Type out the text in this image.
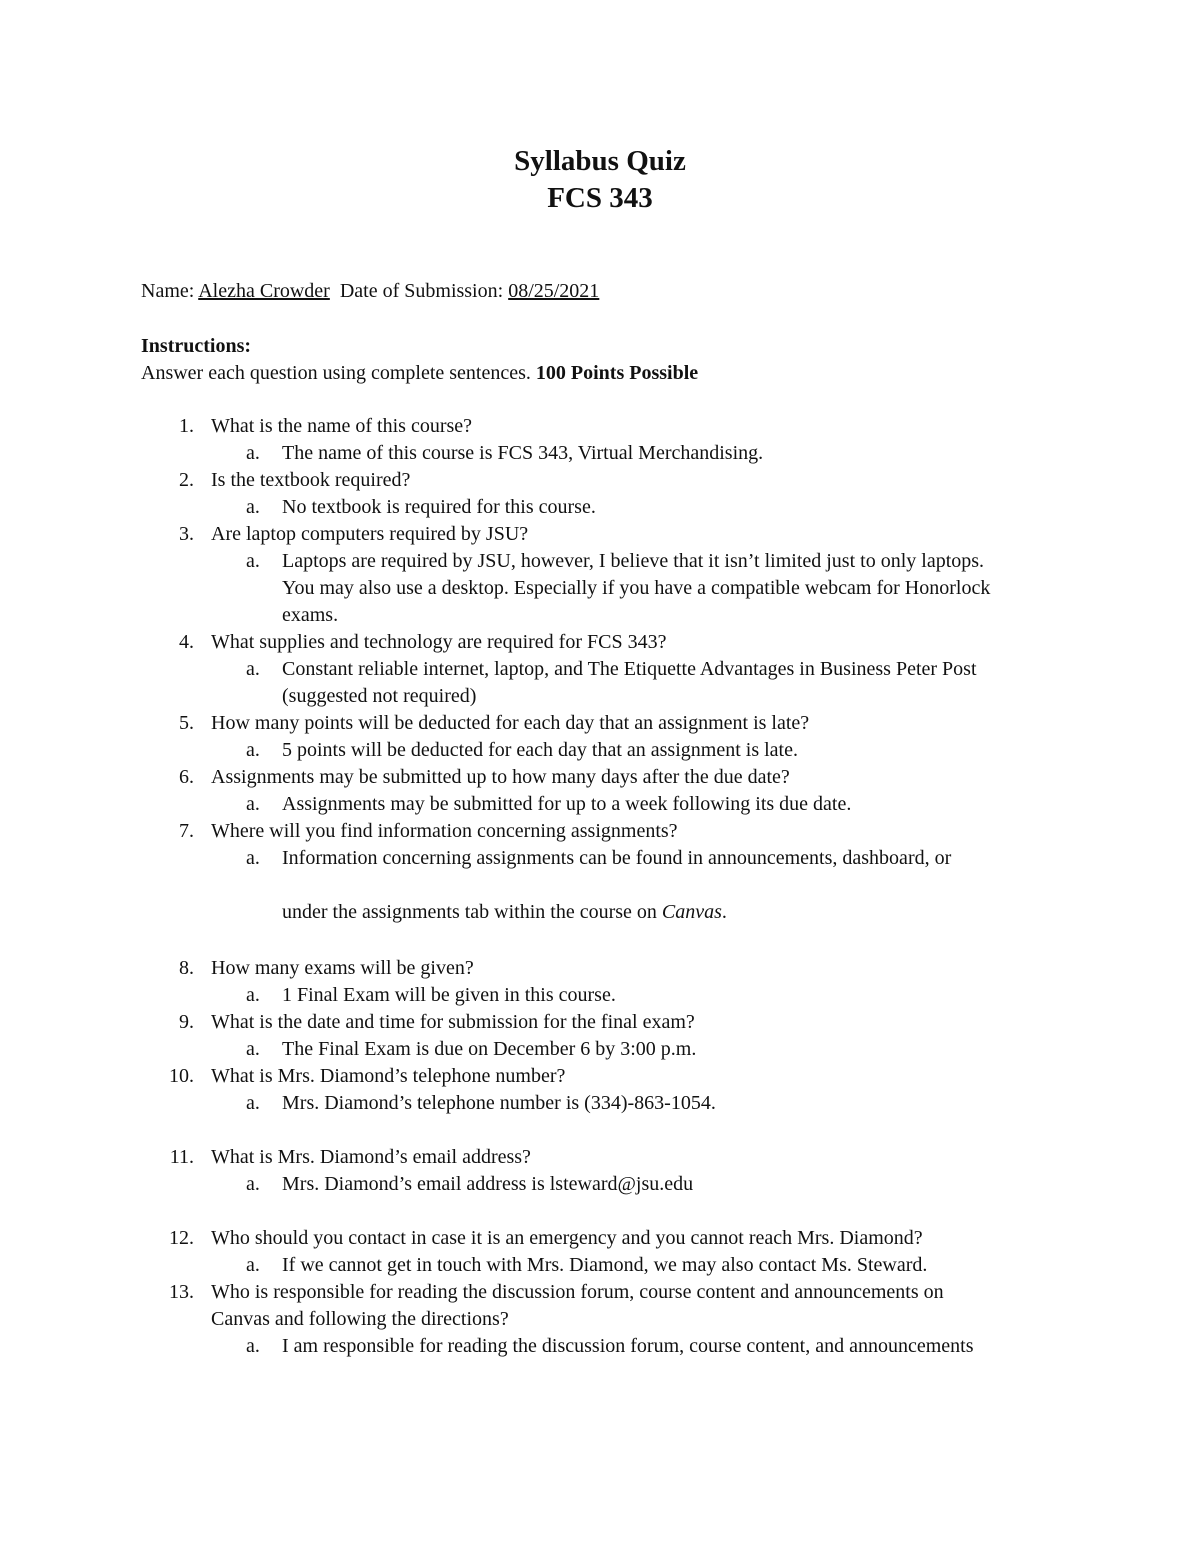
Syllabus Quiz
FCS 343
Name: Alezha Crowder Date of Submission: 08/25/2021
Instructions:
Answer each question using complete sentences. 100 Points Possible
1. What is the name of this course?
a. The name of this course is FCS 343, Virtual Merchandising.
2. Is the textbook required?
a. No textbook is required for this course.
3. Are laptop computers required by JSU?
a. Laptops are required by JSU, however, I believe that it isn’t limited just to only laptops.
You may also use a desktop. Especially if you have a compatible webcam for Honorlock
exams.
4. What supplies and technology are required for FCS 343?
a. Constant reliable internet, laptop, and The Etiquette Advantages in Business Peter Post
(suggested not required)
5. How many points will be deducted for each day that an assignment is late?
a. 5 points will be deducted for each day that an assignment is late.
6. Assignments may be submitted up to how many days after the due date?
a. Assignments may be submitted for up to a week following its due date.
7. Where will you find information concerning assignments?
a. Information concerning assignments can be found in announcements, dashboard, or
under the assignments tab within the course on Canvas.
8. How many exams will be given?
a. 1 Final Exam will be given in this course.
9. What is the date and time for submission for the final exam?
a. The Final Exam is due on December 6 by 3:00 p.m.
10. What is Mrs. Diamond’s telephone number?
a. Mrs. Diamond’s telephone number is (334)-863-1054.
11. What is Mrs. Diamond’s email address?
a. Mrs. Diamond’s email address is lsteward@jsu.edu
12. Who should you contact in case it is an emergency and you cannot reach Mrs. Diamond?
a. If we cannot get in touch with Mrs. Diamond, we may also contact Ms. Steward.
13. Who is responsible for reading the discussion forum, course content and announcements on
Canvas and following the directions?
a. I am responsible for reading the discussion forum, course content, and announcements
